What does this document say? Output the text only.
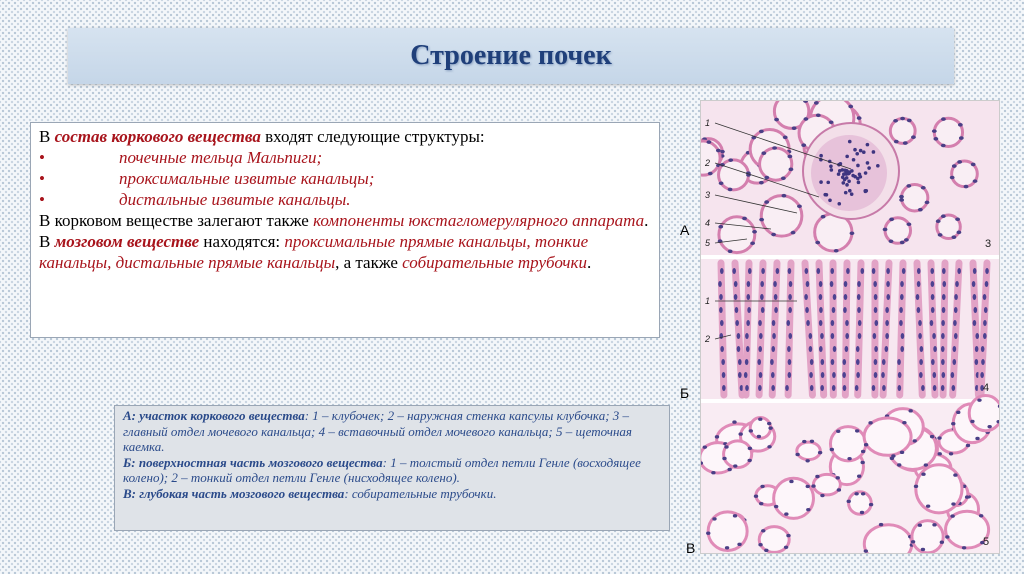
Строение почек

В состав коркового вещества входят следующие структуры:

•	почечные тельца Мальпиги;
•	проксимальные извитые канальцы;
•	дистальные извитые канальцы.

В корковом веществе залегают также компоненты юкстагломерулярного аппарата.

В мозговом веществе находятся: проксимальные прямые канальцы, тонкие канальцы, дистальные прямые канальцы, а также собирательные трубочки.

А: участок коркового вещества: 1 – клубочек; 2 – наружная стенка капсулы клубочка; 3 – главный отдел мочевого канальца; 4 – вставочный отдел мочевого канальца; 5 – щеточная каемка.

Б: поверхностная часть мозгового вещества: 1 – толстый отдел петли Генле (восходящее колено); 2 – тонкий отдел петли Генле (нисходящее колено).

В: глубокая часть мозгового вещества: собирательные трубочки.

А
Б
В
1
2
3
4
5	3
1
2
4
5
